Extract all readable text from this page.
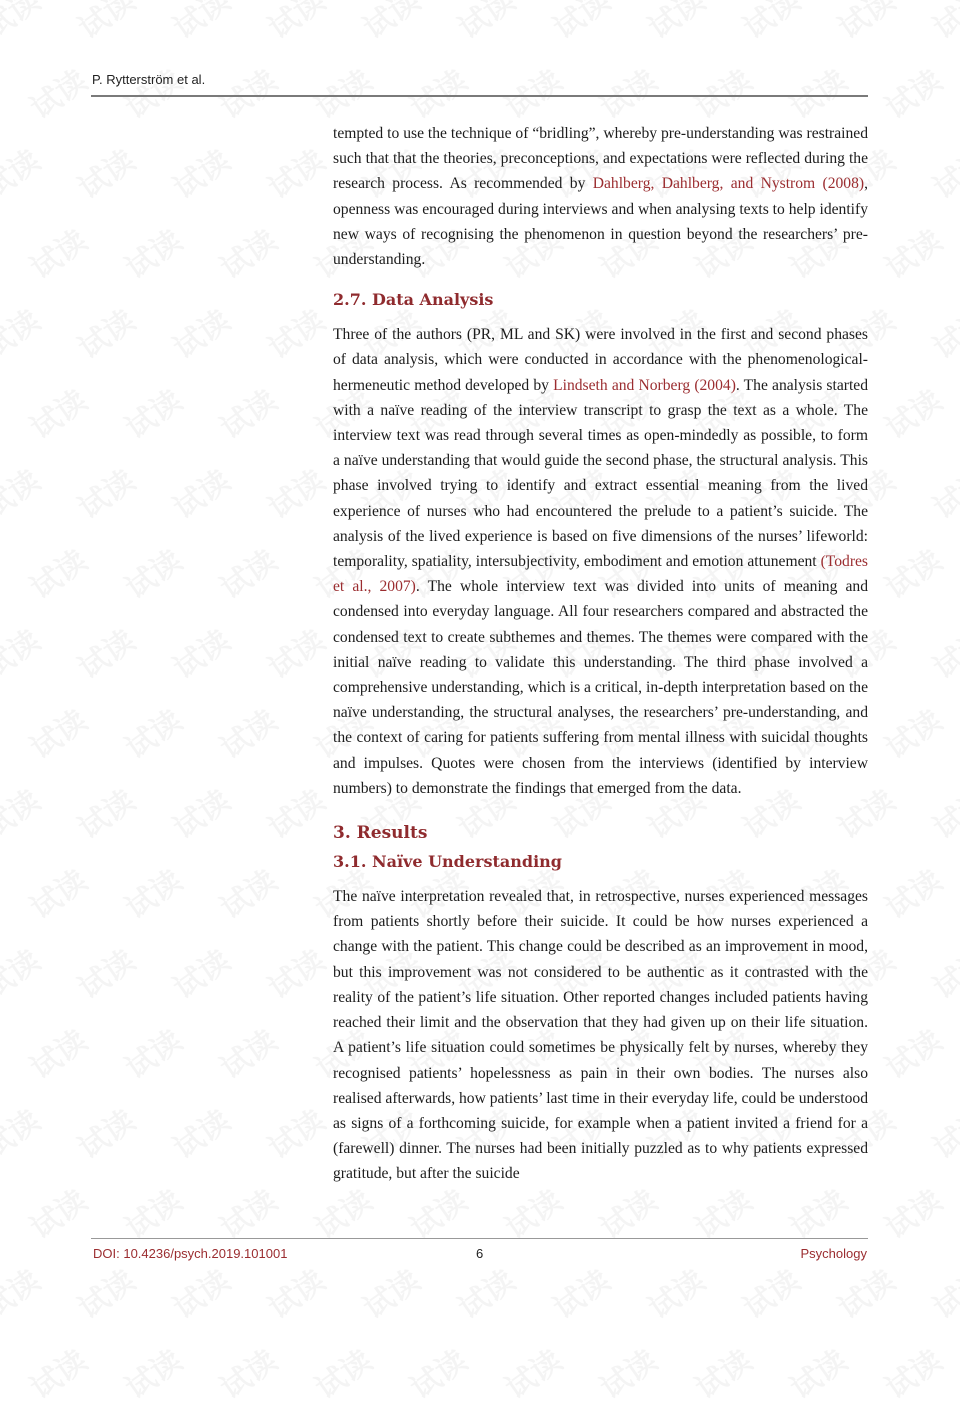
P. Rytterström et al.

tempted to use the technique of “bridling”, whereby pre-understanding was restrained such that that the theories, preconceptions, and expectations were reflected during the research process. As recommended by Dahlberg, Dahlberg, and Nystrom (2008), openness was encouraged during interviews and when analysing texts to help identify new ways of recognising the phenomenon in question beyond the researchers’ pre-understanding.

2.7. Data Analysis

Three of the authors (PR, ML and SK) were involved in the first and second phases of data analysis, which were conducted in accordance with the phenomenological-hermeneutic method developed by Lindseth and Norberg (2004). The analysis started with a naïve reading of the interview transcript to grasp the text as a whole. The interview text was read through several times as open-mindedly as possible, to form a naïve understanding that would guide the second phase, the structural analysis. This phase involved trying to identify and extract essential meaning from the lived experience of nurses who had encountered the prelude to a patient’s suicide. The analysis of the lived experience is based on five dimensions of the nurses’ lifeworld: temporality, spatiality, intersubjectivity, embodiment and emotion attunement (Todres et al., 2007). The whole interview text was divided into units of meaning and condensed into everyday language. All four researchers compared and abstracted the condensed text to create subthemes and themes. The themes were compared with the initial naïve reading to validate this understanding. The third phase involved a comprehensive understanding, which is a critical, in-depth interpretation based on the naïve understanding, the structural analyses, the researchers’ pre-understanding, and the context of caring for patients suffering from mental illness with suicidal thoughts and impulses. Quotes were chosen from the interviews (identified by interview numbers) to demonstrate the findings that emerged from the data.

3. Results
3.1. Naïve Understanding

The naïve interpretation revealed that, in retrospective, nurses experienced messages from patients shortly before their suicide. It could be how nurses experienced a change with the patient. This change could be described as an improvement in mood, but this improvement was not considered to be authentic as it contrasted with the reality of the patient’s life situation. Other reported changes included patients having reached their limit and the observation that they had given up on their life situation. A patient’s life situation could sometimes be physically felt by nurses, whereby they recognised patients’ hopelessness as pain in their own bodies. The nurses also realised afterwards, how patients’ last time in their everyday life, could be understood as signs of a forthcoming suicide, for example when a patient invited a friend for a (farewell) dinner. The nurses had been initially puzzled as to why patients expressed gratitude, but after the suicide

DOI: 10.4236/psych.2019.101001	6	Psychology
